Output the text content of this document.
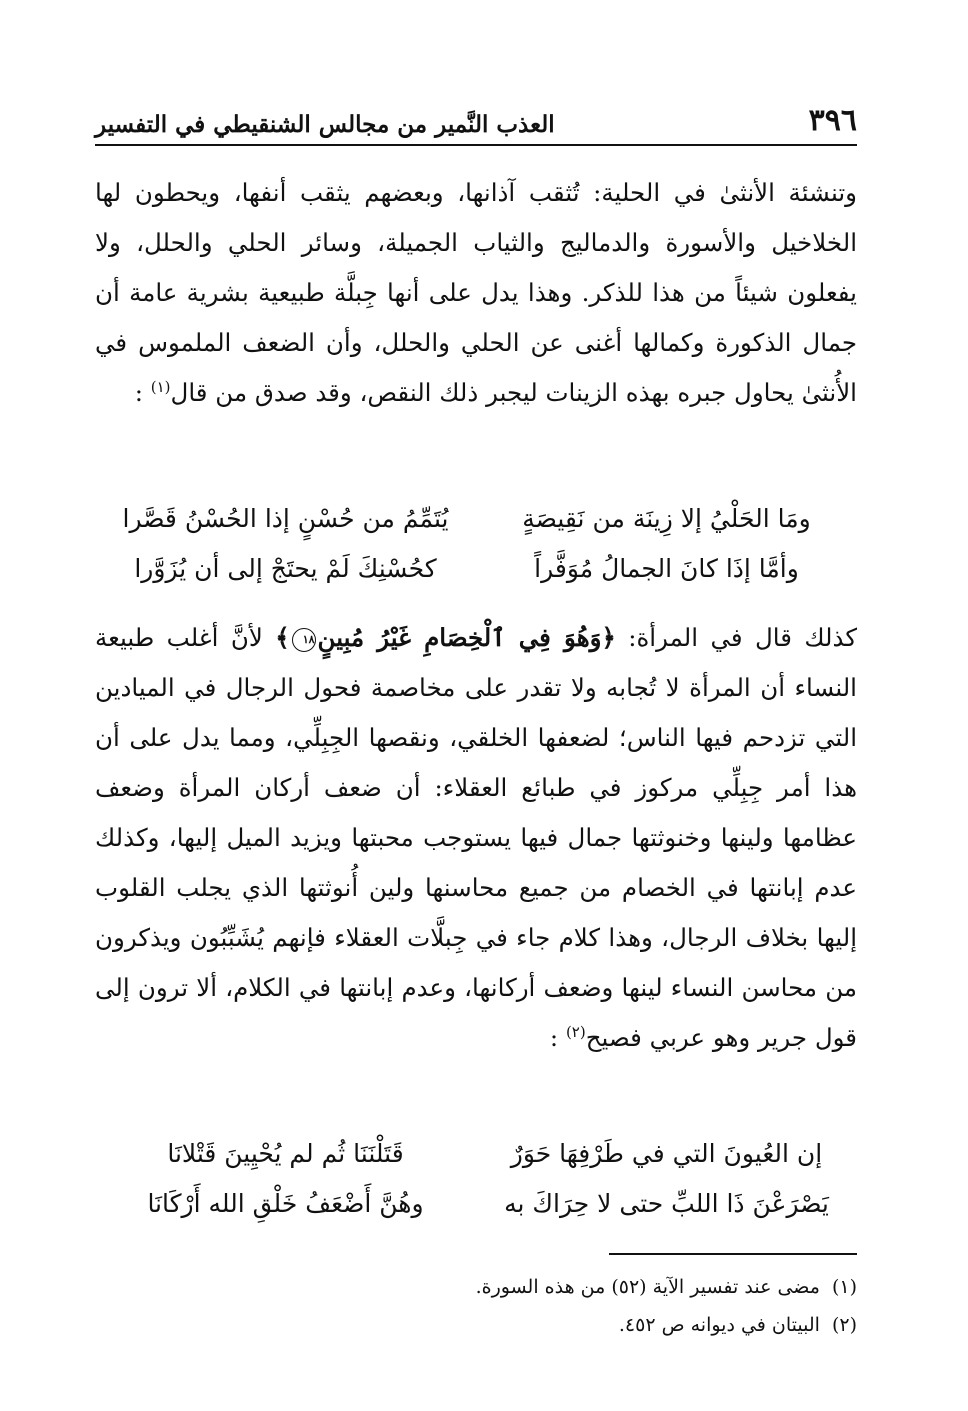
٣٩٦
العذب النَّمير من مجالس الشنقيطي في التفسير

وتنشئة الأنثىٰ في الحلية: تُثقب آذانها، وبعضهم يثقب أنفها، ويحطون لها الخلاخيل والأسورة والدماليج والثياب الجميلة، وسائر الحلي والحلل، ولا يفعلون شيئاً من هذا للذكر. وهذا يدل على أنها جِبلَّة طبيعية بشرية عامة أن جمال الذكورة وكمالها أغنى عن الحلي والحلل، وأن الضعف الملموس في الأُنثىٰ يحاول جبره بهذه الزينات ليجبر ذلك النقص، وقد صدق من قال$^{(١)}$ :

ومَا الحَلْيُ إلا زِينَة من نَقِيصَةٍ
يُتَمِّمُ من حُسْنٍ إذا الحُسْنُ قَصَّرا
وأمَّا إذَا كانَ الجمالُ مُوَفَّراً
كحُسْنِكَ لَمْ يحتَجْ إلى أن يُزَوَّرا

كذلك قال في المرأة: ﴿وَهُوَ فِي ٱلْخِصَامِ غَيْرُ مُبِينٍ١٨﴾ لأنَّ أغلب طبيعة النساء أن المرأة لا تُجابه ولا تقدر على مخاصمة فحول الرجال في الميادين التي تزدحم فيها الناس؛ لضعفها الخلقي، ونقصها الجِبِلِّي، ومما يدل على أن هذا أمر جِبِلِّي مركوز في طبائع العقلاء: أن ضعف أركان المرأة وضعف عظامها ولينها وخنوثتها جمال فيها يستوجب محبتها ويزيد الميل إليها، وكذلك عدم إبانتها في الخصام من جميع محاسنها ولين أُنوثتها الذي يجلب القلوب إليها بخلاف الرجال، وهذا كلام جاء في جِبلَّات العقلاء فإنهم يُشَبِّبُون ويذكرون من محاسن النساء لينها وضعف أركانها، وعدم إبانتها في الكلام، ألا ترون إلى قول جرير وهو عربي فصيح$^{(٢)}$ :

إن العُيونَ التي في طَرْفِهَا حَوَرٌ
قَتَلْنَنَا ثُم لم يُحْيِينَ قَتْلانَا
يَصْرَعْنَ ذَا اللبِّ حتى لا حِرَاكَ به
وهُنَّ أَضْعَفُ خَلْقِ الله أَرْكَانَا
(١)مضى عند تفسير الآية (٥٢) من هذه السورة.
(٢)البيتان في ديوانه ص ٤٥٢.
